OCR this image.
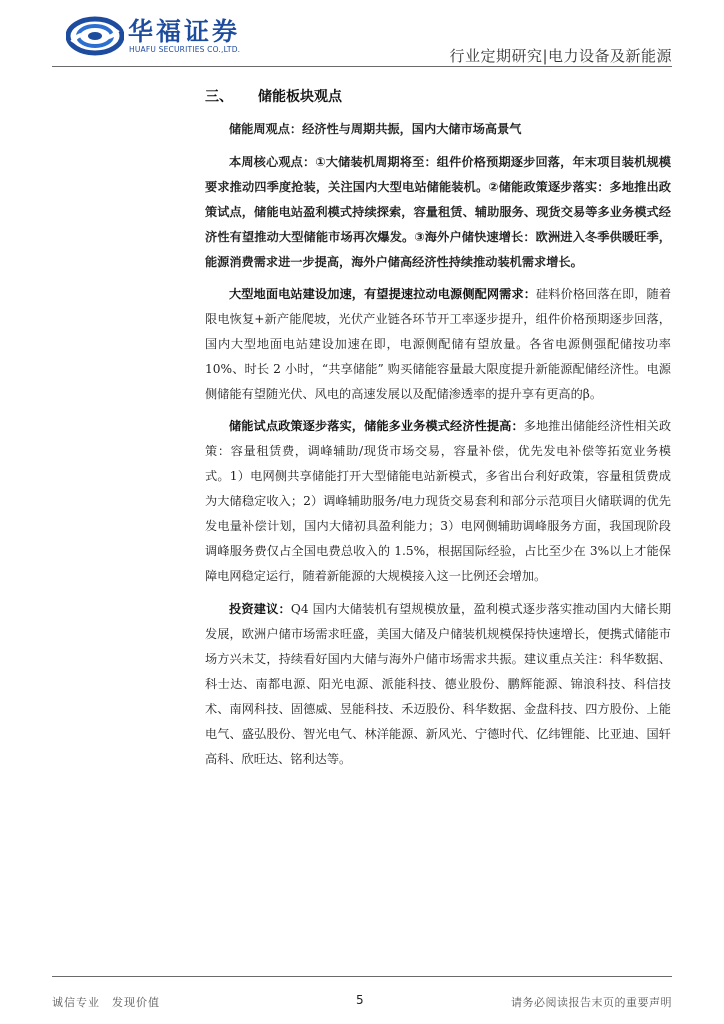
华福证券
HUAFU SECURITIES CO.,LTD.	行业定期研究|电力设备及新能源
三、 储能板块观点

储能周观点：经济性与周期共振，国内大储市场高景气

本周核心观点：①大储装机周期将至：组件价格预期逐步回落，年末项目装机规模要求推动四季度抢装，关注国内大型电站储能装机。②储能政策逐步落实：多地推出政策试点，储能电站盈利模式持续探索，容量租赁、辅助服务、现货交易等多业务模式经济性有望推动大型储能市场再次爆发。③海外户储快速增长：欧洲进入冬季供暖旺季，能源消费需求进一步提高，海外户储高经济性持续推动装机需求增长。

大型地面电站建设加速，有望提速拉动电源侧配网需求：硅料价格回落在即，随着限电恢复+新产能爬坡，光伏产业链各环节开工率逐步提升，组件价格预期逐步回落，国内大型地面电站建设加速在即，电源侧配储有望放量。各省电源侧强配储按功率 10%、时长 2 小时，“共享储能” 购买储能容量最大限度提升新能源配储经济性。电源侧储能有望随光伏、风电的高速发展以及配储渗透率的提升享有更高的β。

储能试点政策逐步落实，储能多业务模式经济性提高：多地推出储能经济性相关政策：容量租赁费，调峰辅助/现货市场交易，容量补偿，优先发电补偿等拓宽业务模式。1）电网侧共享储能打开大型储能电站新模式，多省出台利好政策，容量租赁费成为大储稳定收入；2）调峰辅助服务/电力现货交易套利和部分示范项目火储联调的优先发电量补偿计划，国内大储初具盈利能力；3）电网侧辅助调峰服务方面，我国现阶段调峰服务费仅占全国电费总收入的 1.5%，根据国际经验，占比至少在 3%以上才能保障电网稳定运行，随着新能源的大规模接入这一比例还会增加。

投资建议：Q4 国内大储装机有望规模放量，盈利模式逐步落实推动国内大储长期发展，欧洲户储市场需求旺盛，美国大储及户储装机规模保持快速增长，便携式储能市场方兴未艾，持续看好国内大储与海外户储市场需求共振。建议重点关注：科华数据、科士达、南都电源、阳光电源、派能科技、德业股份、鹏辉能源、锦浪科技、科信技术、南网科技、固德威、昱能科技、禾迈股份、科华数据、金盘科技、四方股份、上能电气、盛弘股份、智光电气、林洋能源、新风光、宁德时代、亿纬锂能、比亚迪、国轩高科、欣旺达、铭利达等。

诚信专业　发现价值	5	请务必阅读报告末页的重要声明
